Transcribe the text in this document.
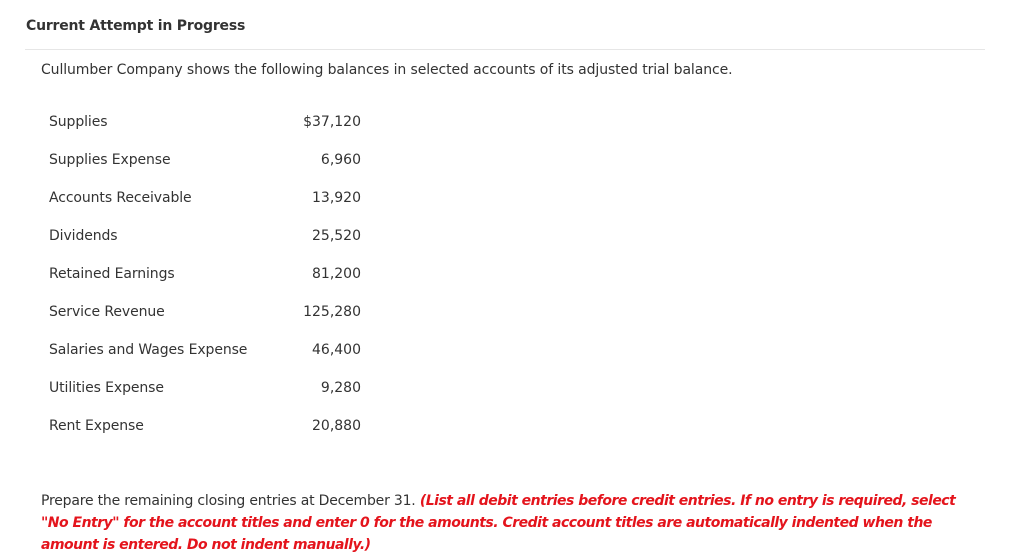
Current Attempt in Progress
Cullumber Company shows the following balances in selected accounts of its adjusted trial balance.
Supplies	$37,120
Supplies Expense	6,960
Accounts Receivable	13,920
Dividends	25,520
Retained Earnings	81,200
Service Revenue	125,280
Salaries and Wages Expense	46,400
Utilities Expense	9,280
Rent Expense	20,880
Prepare the remaining closing entries at December 31. (List all debit entries before credit entries. If no entry is required, select "No Entry" for the account titles and enter 0 for the amounts. Credit account titles are automatically indented when the amount is entered. Do not indent manually.)
